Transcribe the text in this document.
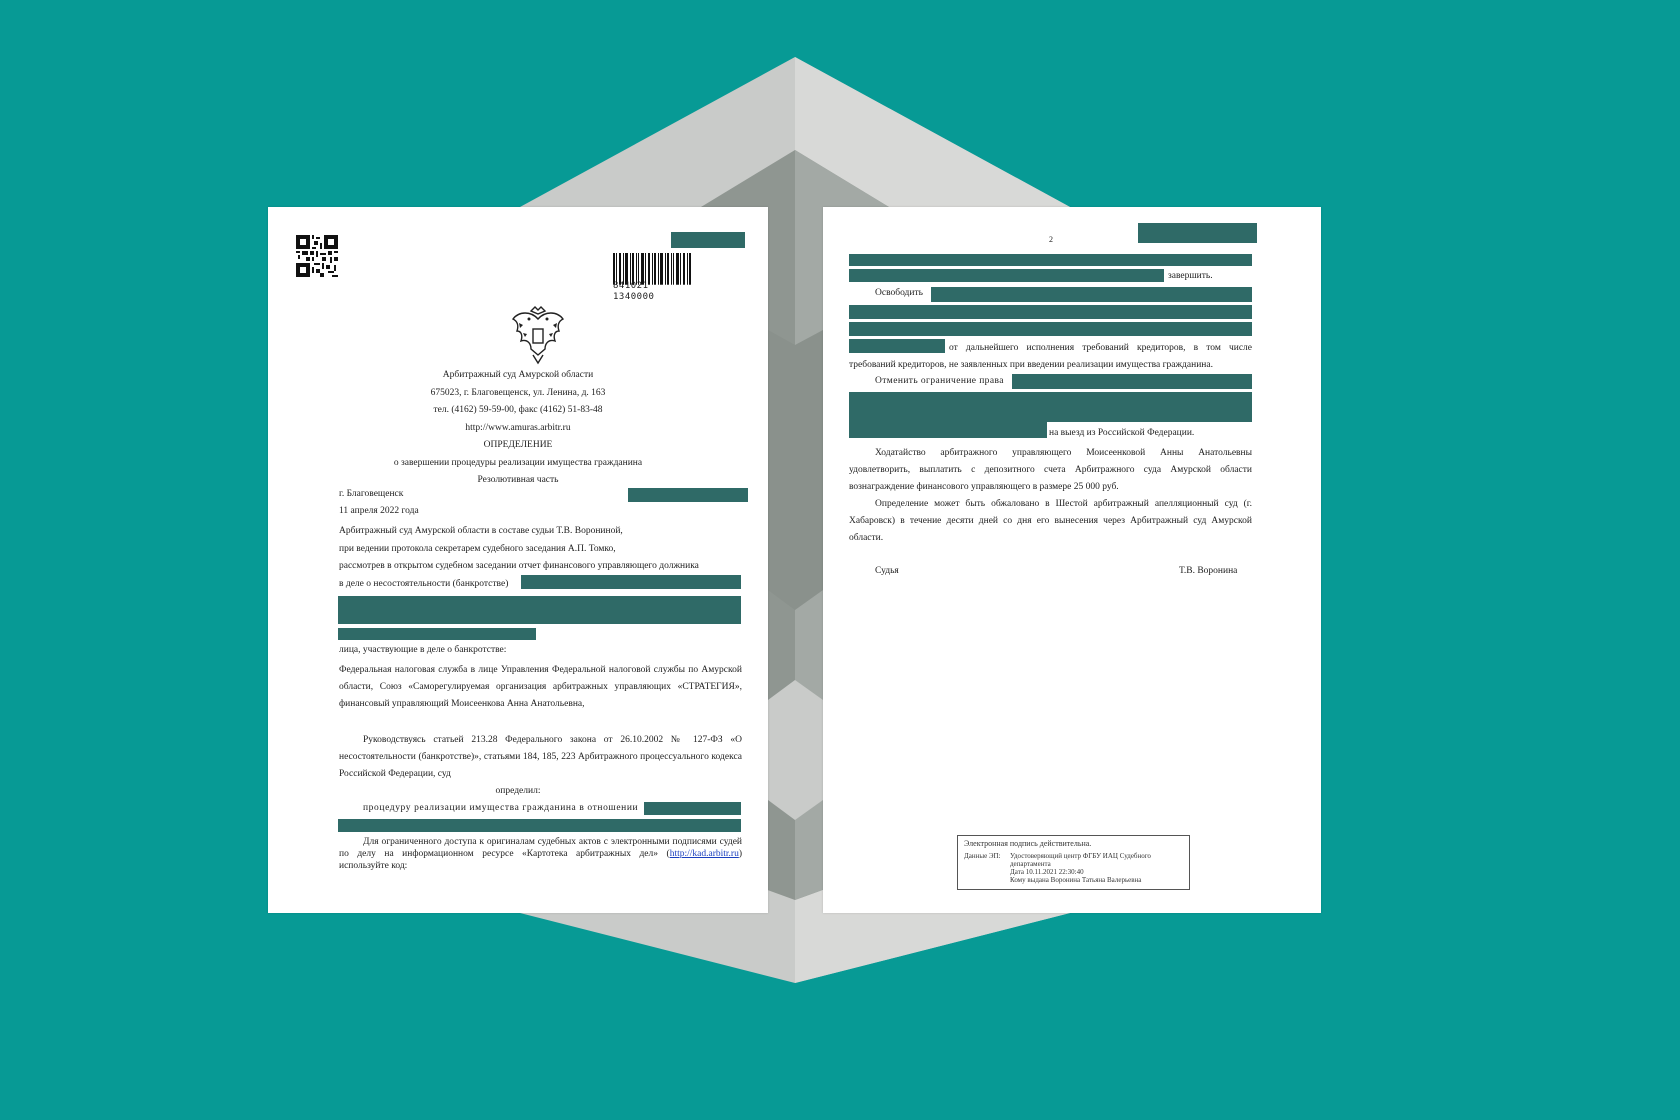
841021 1340000
Арбитражный суд Амурской области
675023, г. Благовещенск, ул. Ленина, д. 163
тел. (4162) 59-59-00, факс (4162) 51-83-48
http://www.amuras.arbitr.ru
ОПРЕДЕЛЕНИЕ
о завершении процедуры реализации имущества гражданина
Резолютивная часть
г. Благовещенск
11 апреля 2022 года
Арбитражный суд Амурской области в составе судьи Т.В. Ворониной,
при ведении протокола секретарем судебного заседания А.П. Томко,
рассмотрев в открытом судебном заседании отчет финансового управляющего должника
в деле о несостоятельности (банкротстве)
лица, участвующие в деле о банкротстве:
Федеральная налоговая служба в лице Управления Федеральной налоговой службы по Амурской области, Союз «Саморегулируемая организация арбитражных управляющих «СТРАТЕГИЯ», финансовый управляющий Моисеенкова Анна Анатольевна,
Руководствуясь статьей 213.28 Федерального закона от 26.10.2002 № 127-ФЗ «О несостоятельности (банкротстве)», статьями 184, 185, 223 Арбитражного процессуального кодекса Российской Федерации, суд
определил:
процедуру реализации имущества гражданина в отношении
Для ограниченного доступа к оригиналам судебных актов с электронными подписями судей по делу на информационном ресурсе «Картотека арбитражных дел» (http://kad.arbitr.ru) используйте код:
2
завершить.
Освободить
от дальнейшего исполнения требований кредиторов, в том числе требований кредиторов, не заявленных при введении реализации имущества гражданина.
Отменить ограничение права
на выезд из Российской Федерации.
Ходатайство арбитражного управляющего Моисеенковой Анны Анатольевны удовлетворить, выплатить с депозитного счета Арбитражного суда Амурской области вознаграждение финансового управляющего в размере 25 000 руб.
Определение может быть обжаловано в Шестой арбитражный апелляционный суд (г. Хабаровск) в течение десяти дней со дня его вынесения через Арбитражный суд Амурской области.
Судья	Т.В. Воронина
Электронная подпись действительна.
Данные ЭП: Удостоверяющий центр ФГБУ ИАЦ Судебного департамента
Дата 10.11.2021 22:30:40
Кому выдана Воронина Татьяна Валерьевна
